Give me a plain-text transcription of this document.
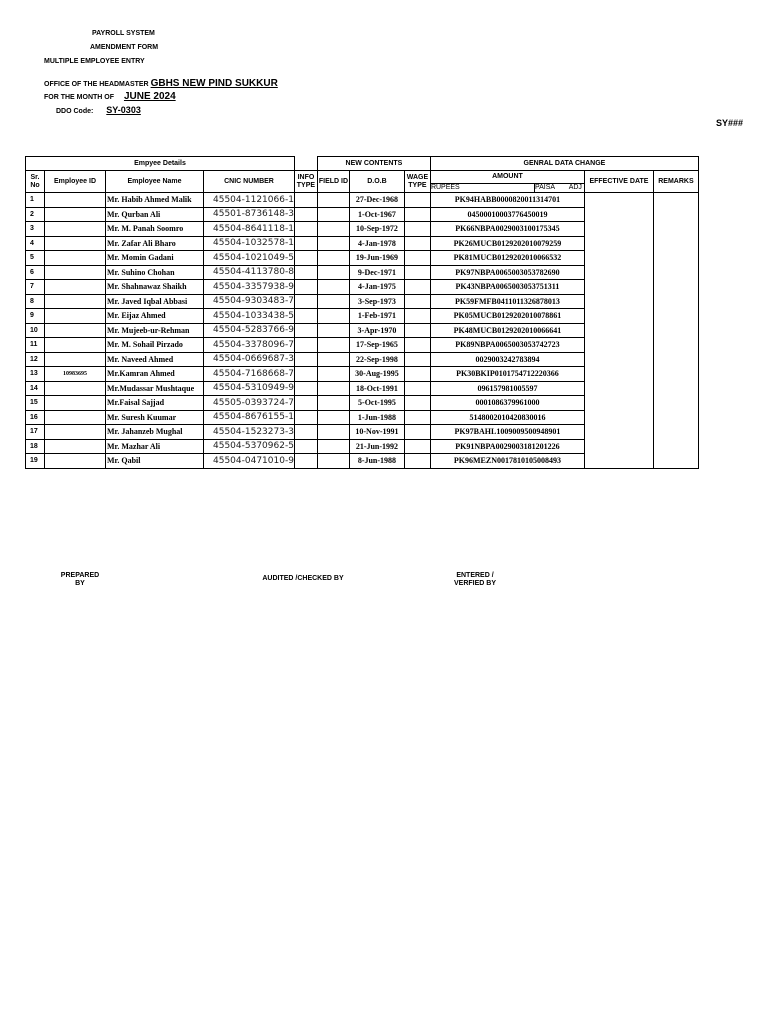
PAYROLL SYSTEM
AMENDMENT FORM
MULTIPLE EMPLOYEE ENTRY
OFFICE OF THE HEADMASTER GBHS NEW PIND SUKKUR
FOR THE MONTH OF JUNE 2024
DDO Code: SY-0303
SY###
Empyee Details					NEW CONTENTS			GENRAL DATA CHANGE				
Sr. No	Employee ID	Employee Name	CNIC NUMBER	INFO TYPE	FIELD ID	D.O.B	WAGE TYPE	AMOUNT			EFFECTIVE DATE	REMARKS
								RUPEES	PAISA	ADJ		
1		Mr. Habib Ahmed Malik	45504-1121066-1			27-Dec-1968		PK94HABB0000820011314701				
2		Mr. Qurban Ali	45501-8736148-3			1-Oct-1967		04500010003776450019				
3		Mr. M. Panah Soomro	45504-8641118-1			10-Sep-1972		PK66NBPA0029003100175345				
4		Mr. Zafar Ali Bharo	45504-1032578-1			4-Jan-1978		PK26MUCB0129202010079259				
5		Mr. Momin Gadani	45504-1021049-5			19-Jun-1969		PK81MUCB0129202010066532				
6		Mr. Suhino Chohan	45504-4113780-8			9-Dec-1971		PK97NBPA0065003053782690				
7		Mr. Shahnawaz Shaikh	45504-3357938-9			4-Jan-1975		PK43NBPA0065003053751311				
8		Mr. Javed Iqbal Abbasi	45504-9303483-7			3-Sep-1973		PK59FMFB0411011326878013				
9		Mr. Eijaz Ahmed	45504-1033438-5			1-Feb-1971		PK05MUCB0129202010078861				
10		Mr. Mujeeb-ur-Rehman	45504-5283766-9			3-Apr-1970		PK48MUCB0129202010066641				
11		Mr. M. Sohail Pirzado	45504-3378096-7			17-Sep-1965		PK89NBPA0065003053742723				
12		Mr. Naveed Ahmed	45504-0669687-3			22-Sep-1998		0029003242783894				
13	10983695	Mr.Kamran Ahmed	45504-7168668-7			30-Aug-1995		PK30BKIP0101754712220366				
14		Mr.Mudassar Mushtaque	45504-5310949-9			18-Oct-1991		096157981005597				
15		Mr.Faisal Sajjad	45505-0393724-7			5-Oct-1995		0001086379961000				
16		Mr. Suresh Kuumar	45504-8676155-1			1-Jun-1988		5148002010420830016				
17		Mr. Jahanzeb Mughal	45504-1523273-3			10-Nov-1991		PK97BAHL1009009500948901				
18		Mr. Mazhar Ali	45504-5370962-5			21-Jun-1992		PK91NBPA0029003181201226				
19		Mr. Qabil	45504-0471010-9			8-Jun-1988		PK96MEZN0017810105008493				
PREPARED
BY
AUDITED /CHECKED BY	ENTERED /
VERFIED BY
